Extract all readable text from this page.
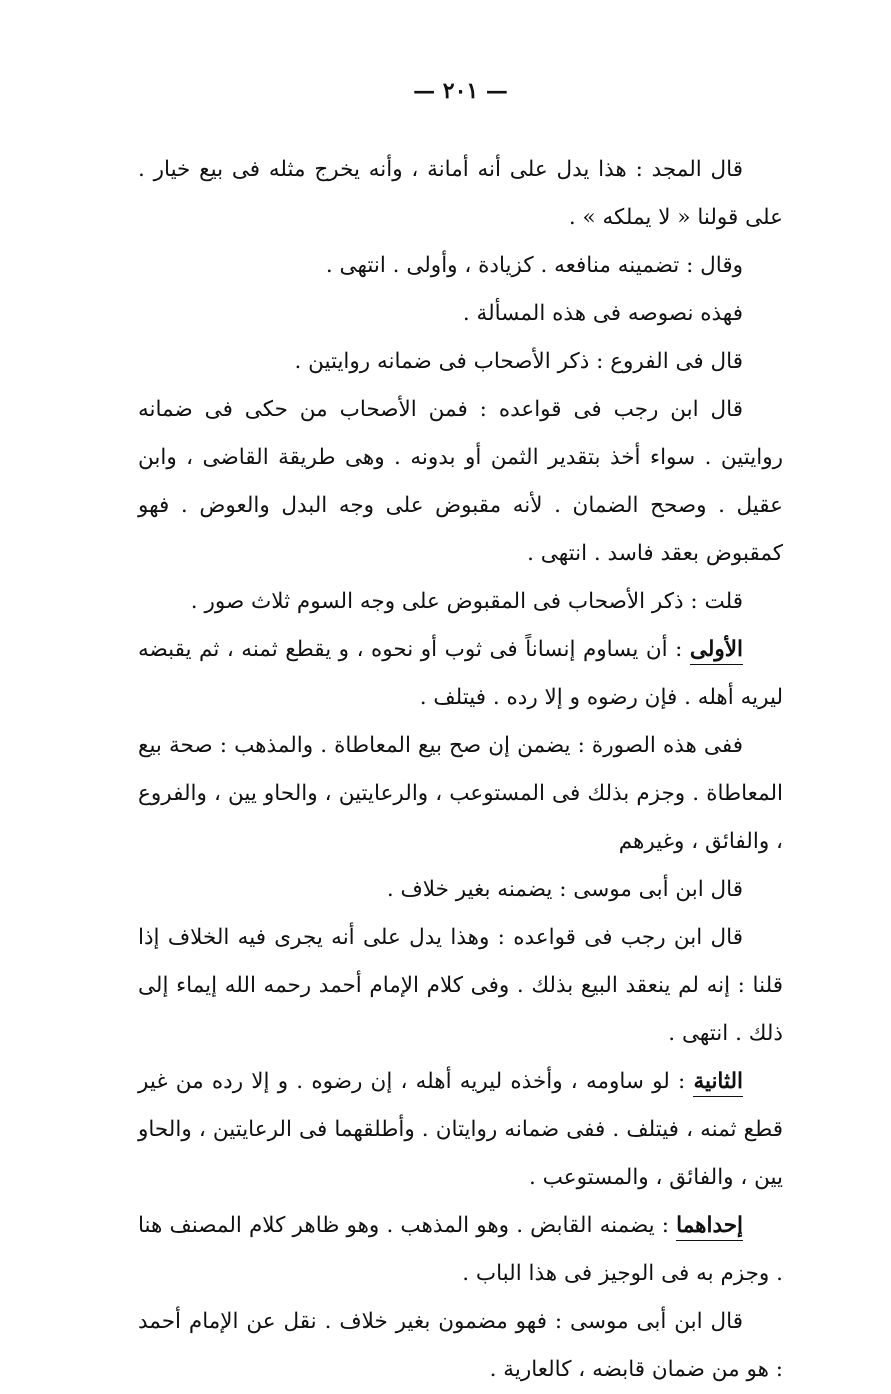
— ٢٠١ —

قال المجد : هذا يدل على أنه أمانة ، وأنه يخرج مثله فى بيع خيار . على قولنا « لا يملكه » .

وقال : تضمينه منافعه . كزيادة ، وأولى . انتهى .

فهذه نصوصه فى هذه المسألة .

قال فى الفروع : ذكر الأصحاب فى ضمانه روايتين .

قال ابن رجب فى قواعده : فمن الأصحاب من حكى فى ضمانه روايتين . سواء أخذ بتقدير الثمن أو بدونه . وهى طريقة القاضى ، وابن عقيل . وصحح الضمان . لأنه مقبوض على وجه البدل والعوض . فهو كمقبوض بعقد فاسد . انتهى .

قلت : ذكر الأصحاب فى المقبوض على وجه السوم ثلاث صور .

الأولى : أن يساوم إنساناً فى ثوب أو نحوه ، و يقطع ثمنه ، ثم يقبضه ليريه أهله . فإن رضوه و إلا رده . فيتلف .

ففى هذه الصورة : يضمن إن صح بيع المعاطاة . والمذهب : صحة بيع المعاطاة . وجزم بذلك فى المستوعب ، والرعايتين ، والحاو يين ، والفروع ، والفائق ، وغيرهم

قال ابن أبى موسى : يضمنه بغير خلاف .

قال ابن رجب فى قواعده : وهذا يدل على أنه يجرى فيه الخلاف إذا قلنا : إنه لم ينعقد البيع بذلك . وفى كلام الإمام أحمد رحمه الله إيماء إلى ذلك . انتهى .

الثانية : لو ساومه ، وأخذه ليريه أهله ، إن رضوه . و إلا رده من غير قطع ثمنه ، فيتلف . ففى ضمانه روايتان . وأطلقهما فى الرعايتين ، والحاو يين ، والفائق ، والمستوعب .

إحداهما : يضمنه القابض . وهو المذهب . وهو ظاهر كلام المصنف هنا . وجزم به فى الوجيز فى هذا الباب .

قال ابن أبى موسى : فهو مضمون بغير خلاف . نقل عن الإمام أحمد : هو من ضمان قابضه ، كالعارية .
